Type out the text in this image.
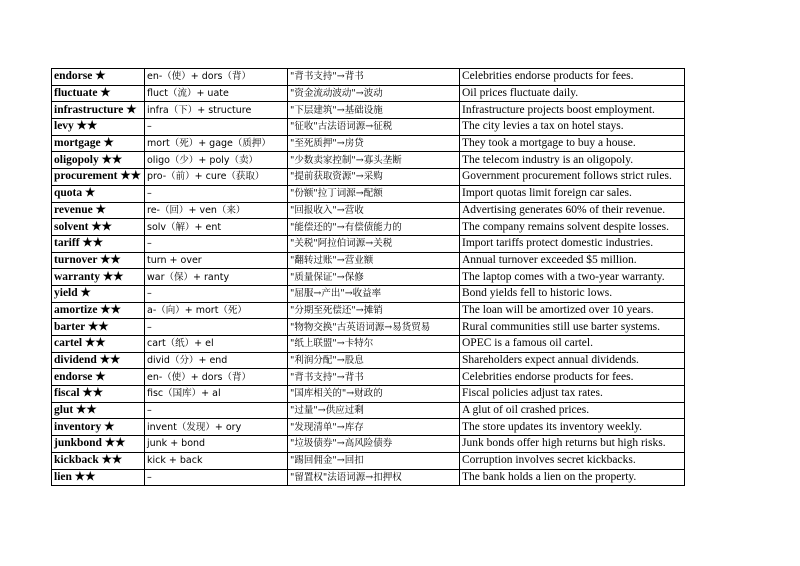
endorse ★	en-（使）+ dors（背）	"背书支持"→背书	Celebrities endorse products for fees.
fluctuate ★	fluct（流）+ uate	"资金流动波动"→波动	Oil prices fluctuate daily.
infrastructure ★	infra（下）+ structure	"下层建筑"→基础设施	Infrastructure projects boost employment.
levy ★★	–	"征收"古法语词源→征税	The city levies a tax on hotel stays.
mortgage ★	mort（死）+ gage（质押）	"至死质押"→房贷	They took a mortgage to buy a house.
oligopoly ★★	oligo（少）+ poly（卖）	"少数卖家控制"→寡头垄断	The telecom industry is an oligopoly.
procurement ★★	pro-（前）+ cure（获取）	"提前获取资源"→采购	Government procurement follows strict rules.
quota ★	–	"份额"拉丁词源→配额	Import quotas limit foreign car sales.
revenue ★	re-（回）+ ven（来）	"回报收入"→营收	Advertising generates 60% of their revenue.
solvent ★★	solv（解）+ ent	"能偿还的"→有偿债能力的	The company remains solvent despite losses.
tariff ★★	–	"关税"阿拉伯词源→关税	Import tariffs protect domestic industries.
turnover ★★	turn + over	"翻转过账"→营业额	Annual turnover exceeded $5 million.
warranty ★★	war（保）+ ranty	"质量保证"→保修	The laptop comes with a two-year warranty.
yield ★	–	"屈服→产出"→收益率	Bond yields fell to historic lows.
amortize ★★	a-（向）+ mort（死）	"分期至死偿还"→摊销	The loan will be amortized over 10 years.
barter ★★	–	"物物交换"古英语词源→易货贸易	Rural communities still use barter systems.
cartel ★★	cart（纸）+ el	"纸上联盟"→卡特尔	OPEC is a famous oil cartel.
dividend ★★	divid（分）+ end	"利润分配"→股息	Shareholders expect annual dividends.
endorse ★	en-（使）+ dors（背）	"背书支持"→背书	Celebrities endorse products for fees.
fiscal ★★	fisc（国库）+ al	"国库相关的"→财政的	Fiscal policies adjust tax rates.
glut ★★	–	"过量"→供应过剩	A glut of oil crashed prices.
inventory ★	invent（发现）+ ory	"发现清单"→库存	The store updates its inventory weekly.
junkbond ★★	junk + bond	"垃圾债券"→高风险债券	Junk bonds offer high returns but high risks.
kickback ★★	kick + back	"踢回佣金"→回扣	Corruption involves secret kickbacks.
lien ★★	–	"留置权"法语词源→扣押权	The bank holds a lien on the property.
